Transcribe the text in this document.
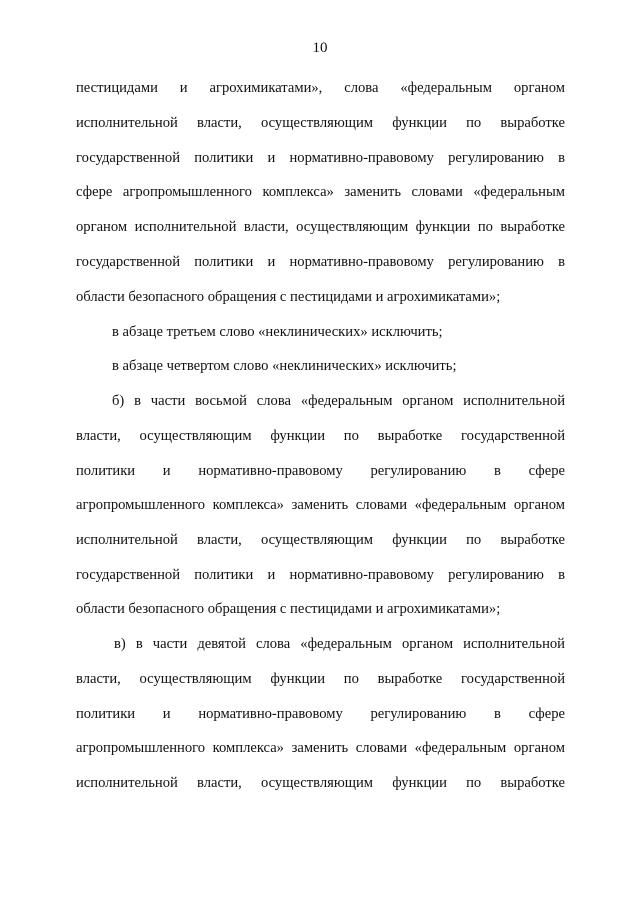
10
пестицидами и агрохимикатами», слова «федеральным органом
исполнительной власти, осуществляющим функции по выработке
государственной политики и нормативно-правовому регулированию в
сфере агропромышленного комплекса» заменить словами «федеральным
органом исполнительной власти, осуществляющим функции по выработке
государственной политики и нормативно-правовому регулированию в
области безопасного обращения с пестицидами и агрохимикатами»;
в абзаце третьем слово «неклинических» исключить;
в абзаце четвертом слово «неклинических» исключить;
б) в части восьмой слова «федеральным органом исполнительной
власти, осуществляющим функции по выработке государственной
политики и нормативно-правовому регулированию в сфере
агропромышленного комплекса» заменить словами «федеральным органом
исполнительной власти, осуществляющим функции по выработке
государственной политики и нормативно-правовому регулированию в
области безопасного обращения с пестицидами и агрохимикатами»;
в) в части девятой слова «федеральным органом исполнительной
власти, осуществляющим функции по выработке государственной
политики и нормативно-правовому регулированию в сфере
агропромышленного комплекса» заменить словами «федеральным органом
исполнительной власти, осуществляющим функции по выработке
